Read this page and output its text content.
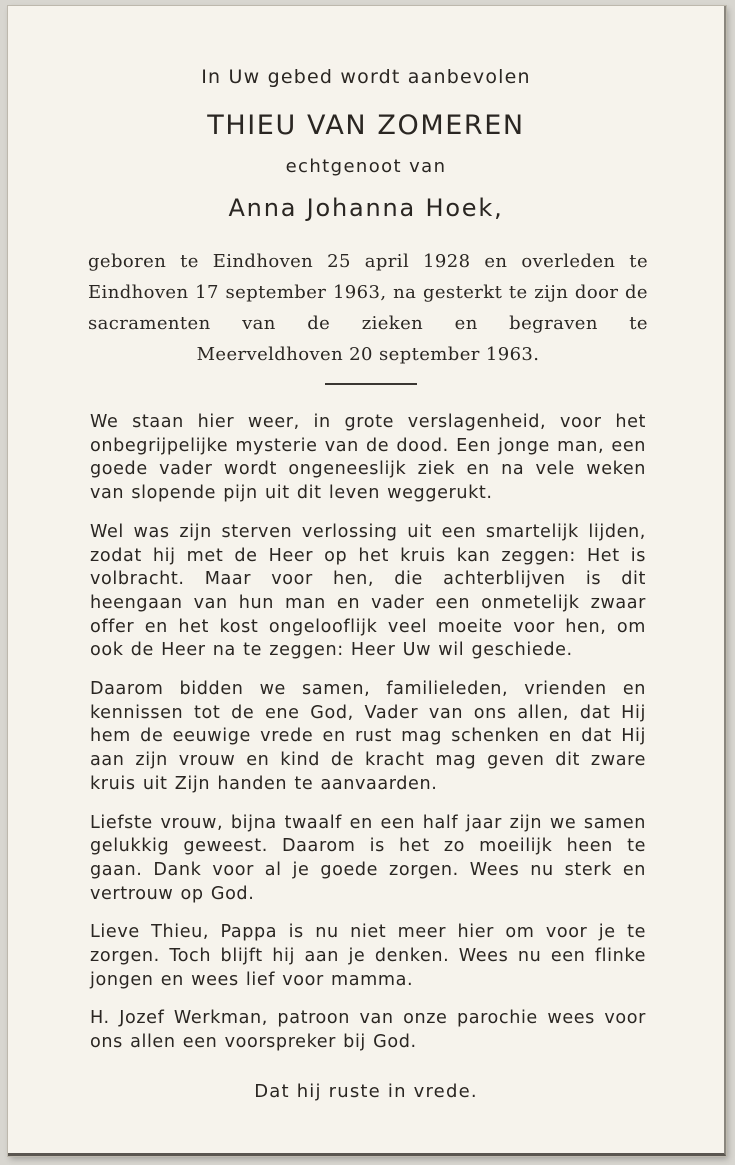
In Uw gebed wordt aanbevolen

THIEU VAN ZOMEREN

echtgenoot van

Anna Johanna Hoek,

geboren te Eindhoven 25 april 1928 en overleden te Eindhoven 17 september 1963, na gesterkt te zijn door de sacramenten van de zieken en begraven te Meerveldhoven 20 september 1963.

We staan hier weer, in grote verslagenheid, voor het onbegrijpelijke mysterie van de dood. Een jonge man, een goede vader wordt ongeneeslijk ziek en na vele weken van slopende pijn uit dit leven weggerukt.

Wel was zijn sterven verlossing uit een smartelijk lijden, zodat hij met de Heer op het kruis kan zeggen: Het is volbracht. Maar voor hen, die achterblijven is dit heengaan van hun man en vader een onmetelijk zwaar offer en het kost ongelooflijk veel moeite voor hen, om ook de Heer na te zeggen: Heer Uw wil geschiede.

Daarom bidden we samen, familieleden, vrienden en kennissen tot de ene God, Vader van ons allen, dat Hij hem de eeuwige vrede en rust mag schenken en dat Hij aan zijn vrouw en kind de kracht mag geven dit zware kruis uit Zijn handen te aanvaarden.

Liefste vrouw, bijna twaalf en een half jaar zijn we samen gelukkig geweest. Daarom is het zo moeilijk heen te gaan. Dank voor al je goede zorgen. Wees nu sterk en vertrouw op God.

Lieve Thieu, Pappa is nu niet meer hier om voor je te zorgen. Toch blijft hij aan je denken. Wees nu een flinke jongen en wees lief voor mamma.

H. Jozef Werkman, patroon van onze parochie wees voor ons allen een voorspreker bij God.

Dat hij ruste in vrede.
